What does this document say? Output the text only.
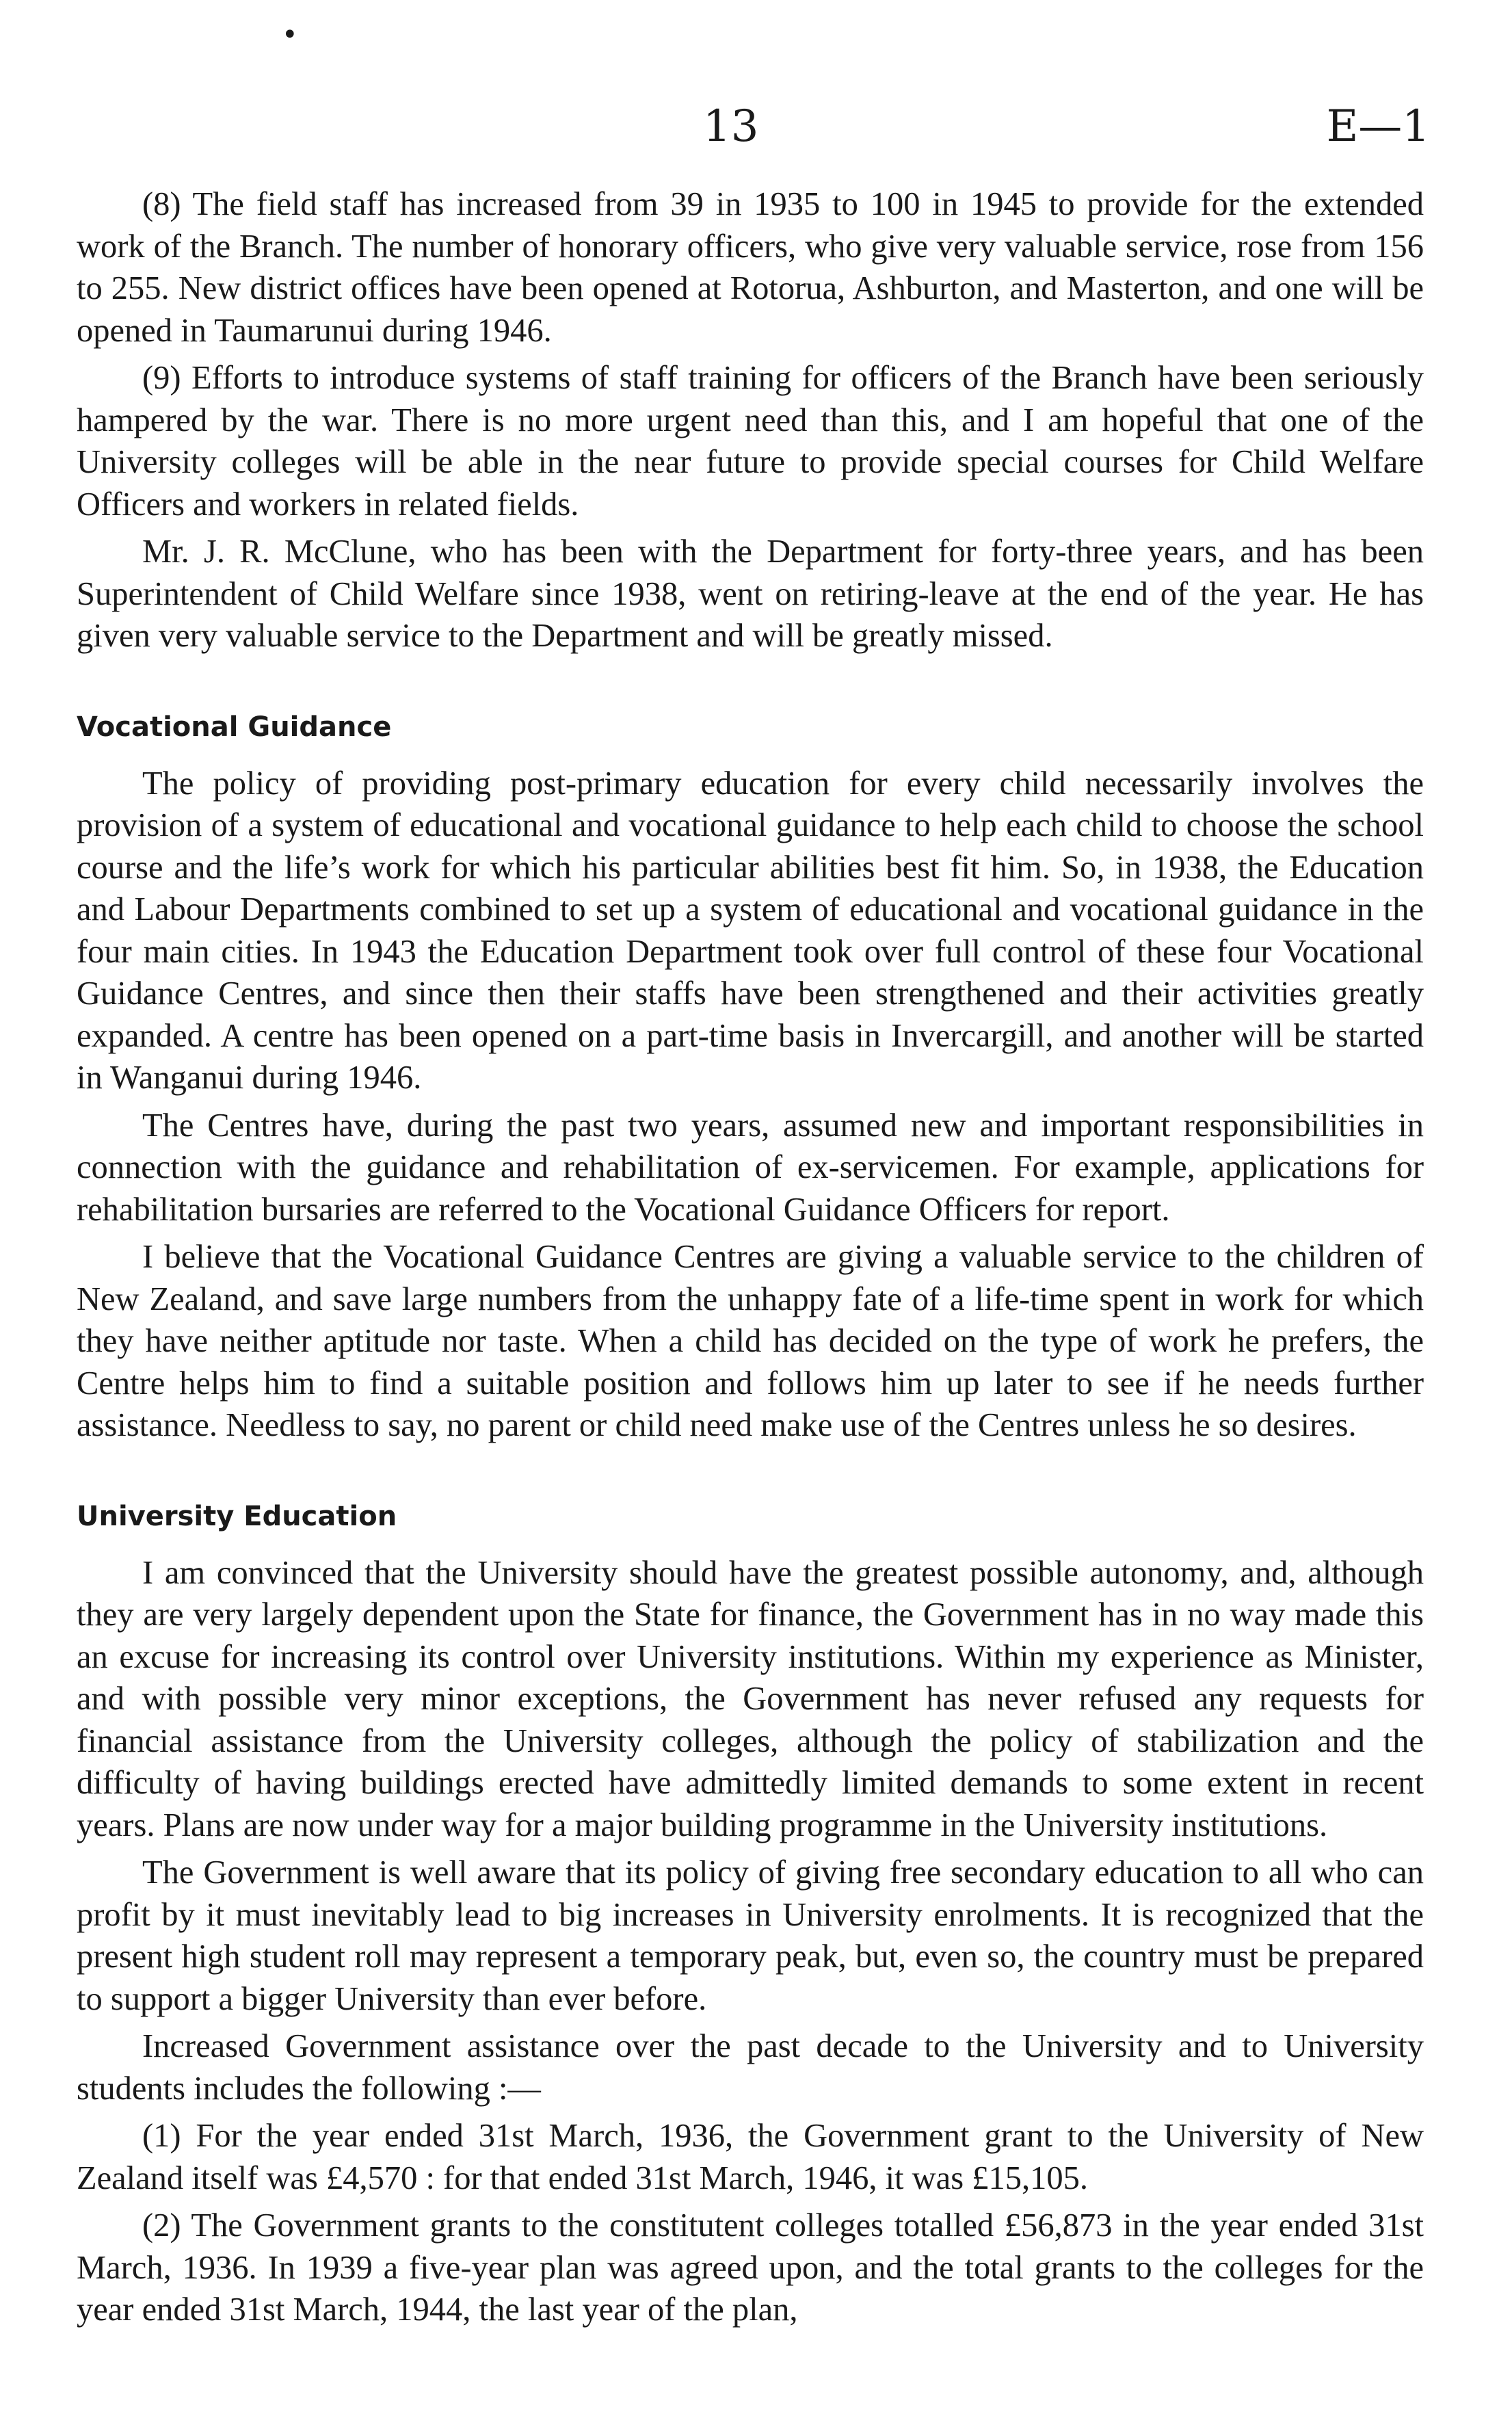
•
13	E—1

(8) The field staff has increased from 39 in 1935 to 100 in 1945 to provide for the extended work of the Branch. The number of honorary officers, who give very valuable service, rose from 156 to 255. New district offices have been opened at Rotorua, Ashburton, and Masterton, and one will be opened in Taumarunui during 1946.

(9) Efforts to introduce systems of staff training for officers of the Branch have been seriously hampered by the war. There is no more urgent need than this, and I am hopeful that one of the University colleges will be able in the near future to provide special courses for Child Welfare Officers and workers in related fields.

Mr. J. R. McClune, who has been with the Department for forty-three years, and has been Superintendent of Child Welfare since 1938, went on retiring-leave at the end of the year. He has given very valuable service to the Department and will be greatly missed.

Vocational Guidance

The policy of providing post-primary education for every child necessarily involves the provision of a system of educational and vocational guidance to help each child to choose the school course and the life’s work for which his particular abilities best fit him. So, in 1938, the Education and Labour Departments combined to set up a system of educational and vocational guidance in the four main cities. In 1943 the Education Department took over full control of these four Vocational Guidance Centres, and since then their staffs have been strengthened and their activities greatly expanded. A centre has been opened on a part-time basis in Invercargill, and another will be started in Wanganui during 1946.

The Centres have, during the past two years, assumed new and important responsibilities in connection with the guidance and rehabilitation of ex-servicemen. For example, applications for rehabilitation bursaries are referred to the Vocational Guidance Officers for report.

I believe that the Vocational Guidance Centres are giving a valuable service to the children of New Zealand, and save large numbers from the unhappy fate of a life-time spent in work for which they have neither aptitude nor taste. When a child has decided on the type of work he prefers, the Centre helps him to find a suitable position and follows him up later to see if he needs further assistance. Needless to say, no parent or child need make use of the Centres unless he so desires.

University Education

I am convinced that the University should have the greatest possible autonomy, and, although they are very largely dependent upon the State for finance, the Government has in no way made this an excuse for increasing its control over University institutions. Within my experience as Minister, and with possible very minor exceptions, the Government has never refused any requests for financial assistance from the University colleges, although the policy of stabilization and the difficulty of having buildings erected have admittedly limited demands to some extent in recent years. Plans are now under way for a major building programme in the University institutions.

The Government is well aware that its policy of giving free secondary education to all who can profit by it must inevitably lead to big increases in University enrolments. It is recognized that the present high student roll may represent a temporary peak, but, even so, the country must be prepared to support a bigger University than ever before.

Increased Government assistance over the past decade to the University and to University students includes the following :—

(1) For the year ended 31st March, 1936, the Government grant to the University of New Zealand itself was £4,570 : for that ended 31st March, 1946, it was £15,105.

(2) The Government grants to the constitutent colleges totalled £56,873 in the year ended 31st March, 1936. In 1939 a five-year plan was agreed upon, and the total grants to the colleges for the year ended 31st March, 1944, the last year of the plan,
